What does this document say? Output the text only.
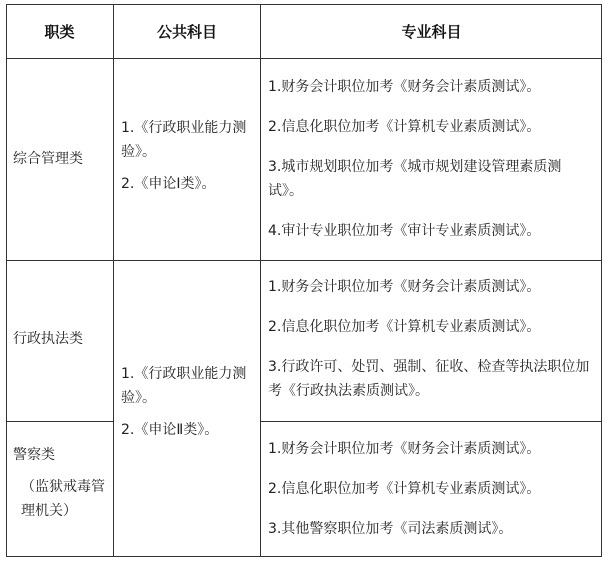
职类	公共科目	专业科目
综合管理类

1.《行政职业能力测验》。

2.《申论Ⅰ类》。

1.财务会计职位加考《财务会计素质测试》。

2.信息化职位加考《计算机专业素质测试》。

3.城市规划职位加考《城市规划建设管理素质测试》。

4.审计专业职位加考《审计专业素质测试》。

行政执法类

1.《行政职业能力测验》。

2.《申论Ⅱ类》。

1.财务会计职位加考《财务会计素质测试》。

2.信息化职位加考《计算机专业素质测试》。

3.行政许可、处罚、强制、征收、检查等执法职位加考《行政执法素质测试》。

警察类

（监狱戒毒管理机关）

1.财务会计职位加考《财务会计素质测试》。

2.信息化职位加考《计算机专业素质测试》。

3.其他警察职位加考《司法素质测试》。
